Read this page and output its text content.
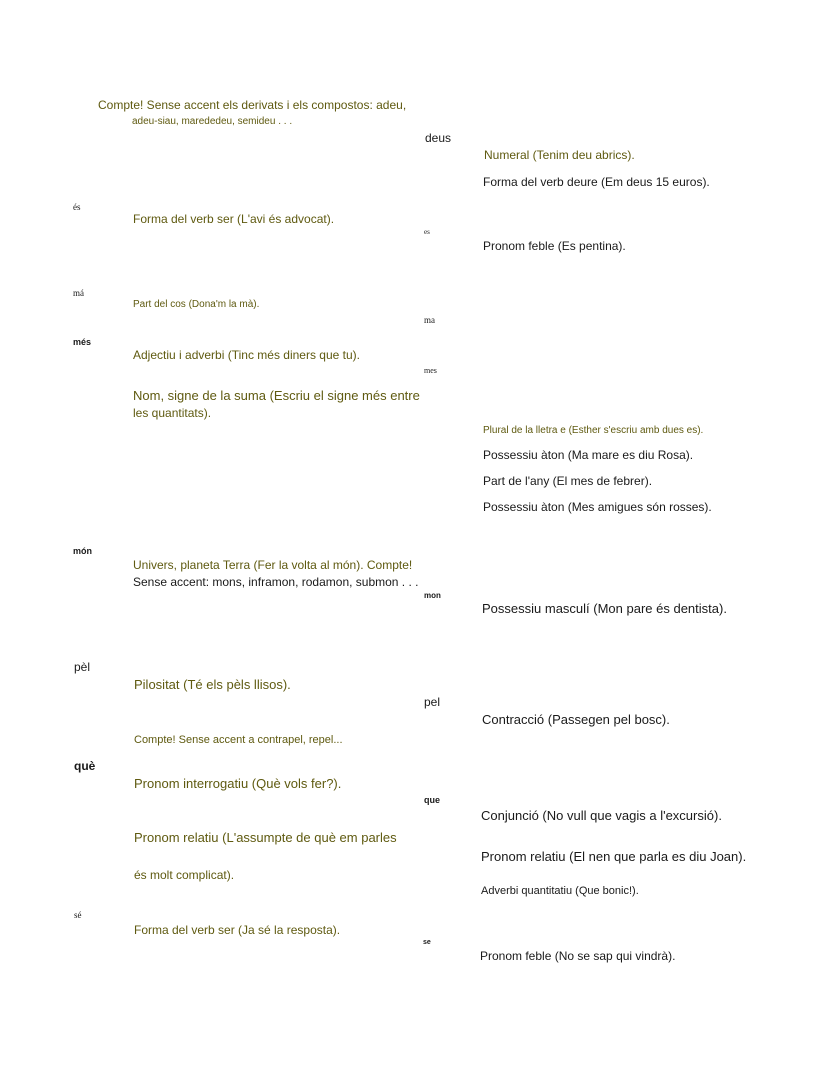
Compte! Sense accent els derivats i els compostos: adeu,
adeu-siau, marededeu, semideu . . .
deus
Numeral (Tenim deu abrics).
Forma del verb deure (Em deus 15 euros).
és
Forma del verb ser (L'avi és advocat).
es
Pronom feble (Es pentina).
má
Part del cos (Dona'm la mà).
ma
més
Adjectiu i adverbi (Tinc més diners que tu).
mes
Nom, signe de la suma (Escriu el signe més entre
les quantitats).
Plural de la lletra e (Esther s'escriu amb dues es).
Possessiu àton (Ma mare es diu Rosa).
Part de l'any (El mes de febrer).
Possessiu àton (Mes amigues són rosses).
món
Univers, planeta Terra (Fer la volta al món). Compte!
Sense accent: mons, inframon, rodamon, submon . . .
mon
Possessiu masculí (Mon pare és dentista).
pèl
Pilositat (Té els pèls llisos).
pel
Contracció (Passegen pel bosc).
Compte! Sense accent a contrapel, repel...
què
Pronom interrogatiu (Què vols fer?).
que
Conjunció (No vull que vagis a l'excursió).
Pronom relatiu (L'assumpte de què em parles
Pronom relatiu (El nen que parla es diu Joan).
és molt complicat).
Adverbi quantitatiu (Que bonic!).
sé
Forma del verb ser (Ja sé la resposta).
se
Pronom feble (No se sap qui vindrà).
